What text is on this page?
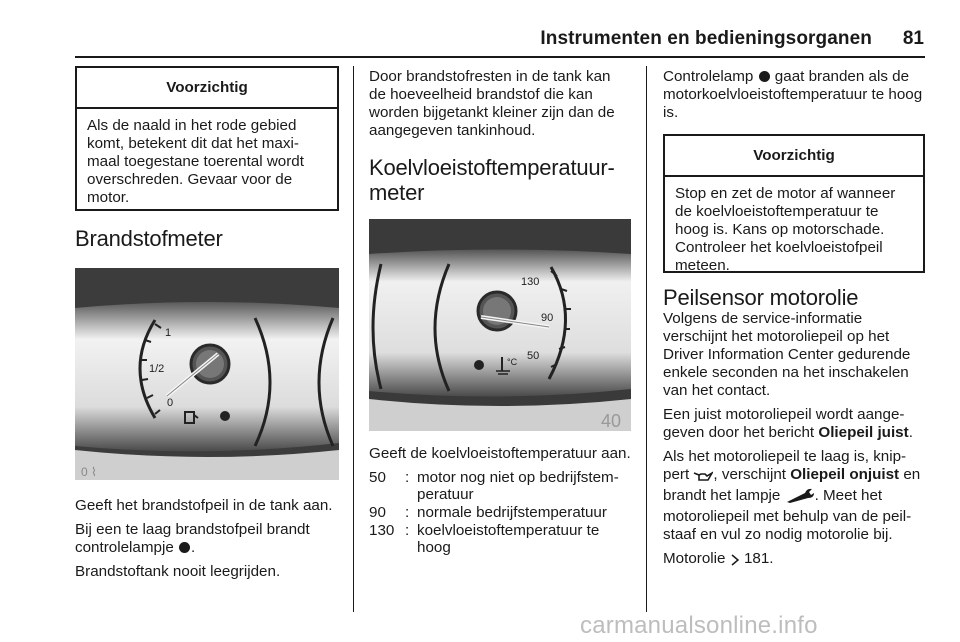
Instrumenten en bedieningsorganen	81
Voorzichtig
Als de naald in het rode gebied komt, betekent dit dat het maxi-maal toegestane toerental wordt overschreden. Gevaar voor de motor.
Brandstofmeter
1
1/2
0
0 ⌇

Geeft het brandstofpeil in de tank aan.

Bij een te laag brandstofpeil brandt controlelampje .

Brandstoftank nooit leegrijden.

Door brandstofresten in de tank kan de hoeveelheid brandstof die kan worden bijgetankt kleiner zijn dan de aangegeven tankinhoud.

Koelvloeistoftemperatuur-
meter
130
90
50
°C
40

Geeft de koelvloeistoftemperatuur aan.

50	: motor nog niet op bedrijfstem-peratuur
90	: normale bedrijfstemperatuur
130 : koelvloeistoftemperatuur te hoog

Controlelamp gaat branden als de motorkoelvloeistoftemperatuur te hoog is.

Voorzichtig
Stop en zet de motor af wanneer de koelvloeistoftemperatuur te hoog is. Kans op motorschade. Controleer het koelvloeistofpeil meteen.
Peilsensor motorolie

Volgens de service-informatie verschijnt het motoroliepeil op het Driver Information Center gedurende enkele seconden na het inschakelen van het contact.

Een juist motoroliepeil wordt aange-geven door het bericht Oliepeil juist.

Als het motoroliepeil te laag is, knip-pert , verschijnt Oliepeil onjuist en brandt het lampje . Meet het motoroliepeil met behulp van de peil-staaf en vul zo nodig motorolie bij.

Motorolie 181.

carmanualsonline.info
